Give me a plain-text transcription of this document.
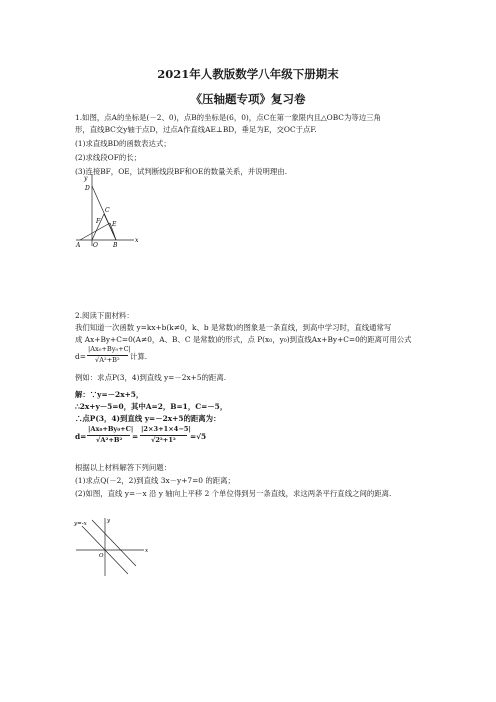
2021年人教版数学八年级下册期末
《压轴题专项》复习卷
1.如图，点A的坐标是(－2、0)，点B的坐标是(6，0)，点C在第一象限内且△OBC为等边三角
形，直线BC交y轴于点D，过点A作直线AE⊥BD，垂足为E，交OC于点F.
(1)求直线BD的函数表达式；
(2)求线段OF的长；
(3)连接BF，OE，试判断线段BF和OE的数量关系，并说明理由.
y
D
C
F E
A O	B
x
2.阅读下面材料：
我们知道一次函数 y=kx+b(k≠0，k、b 是常数)的图象是一条直线，到高中学习时，直线通常写
成 Ax+By+C=0(A≠0，A、B、C 是常数)的形式，点 P(x₀，y₀)到直线Ax+By+C=0的距离可用公式
d=
|Ax₀+By₀+C|
√A²+B² 计算.
例如：求点P(3，4)到直线 y=－2x+5的距离.
解：∵y=－2x+5，
∴2x+y－5=0，其中A=2，B=1，C=－5，
∴点P(3，4)到直线 y=－2x+5的距离为：
d=
|Ax₀+By₀+C|
√A²+B² =
|2×3+1×4−5|
√2²+1² =√5
根据以上材料解答下列问题：
(1)求点Q(－2，2)到直线 3x－y+7=0 的距离；
(2)如图，直线 y=－x 沿 y 轴向上平移 2 个单位得到另一条直线，求这两条平行直线之间的距离.
y=-x	y
O
x
